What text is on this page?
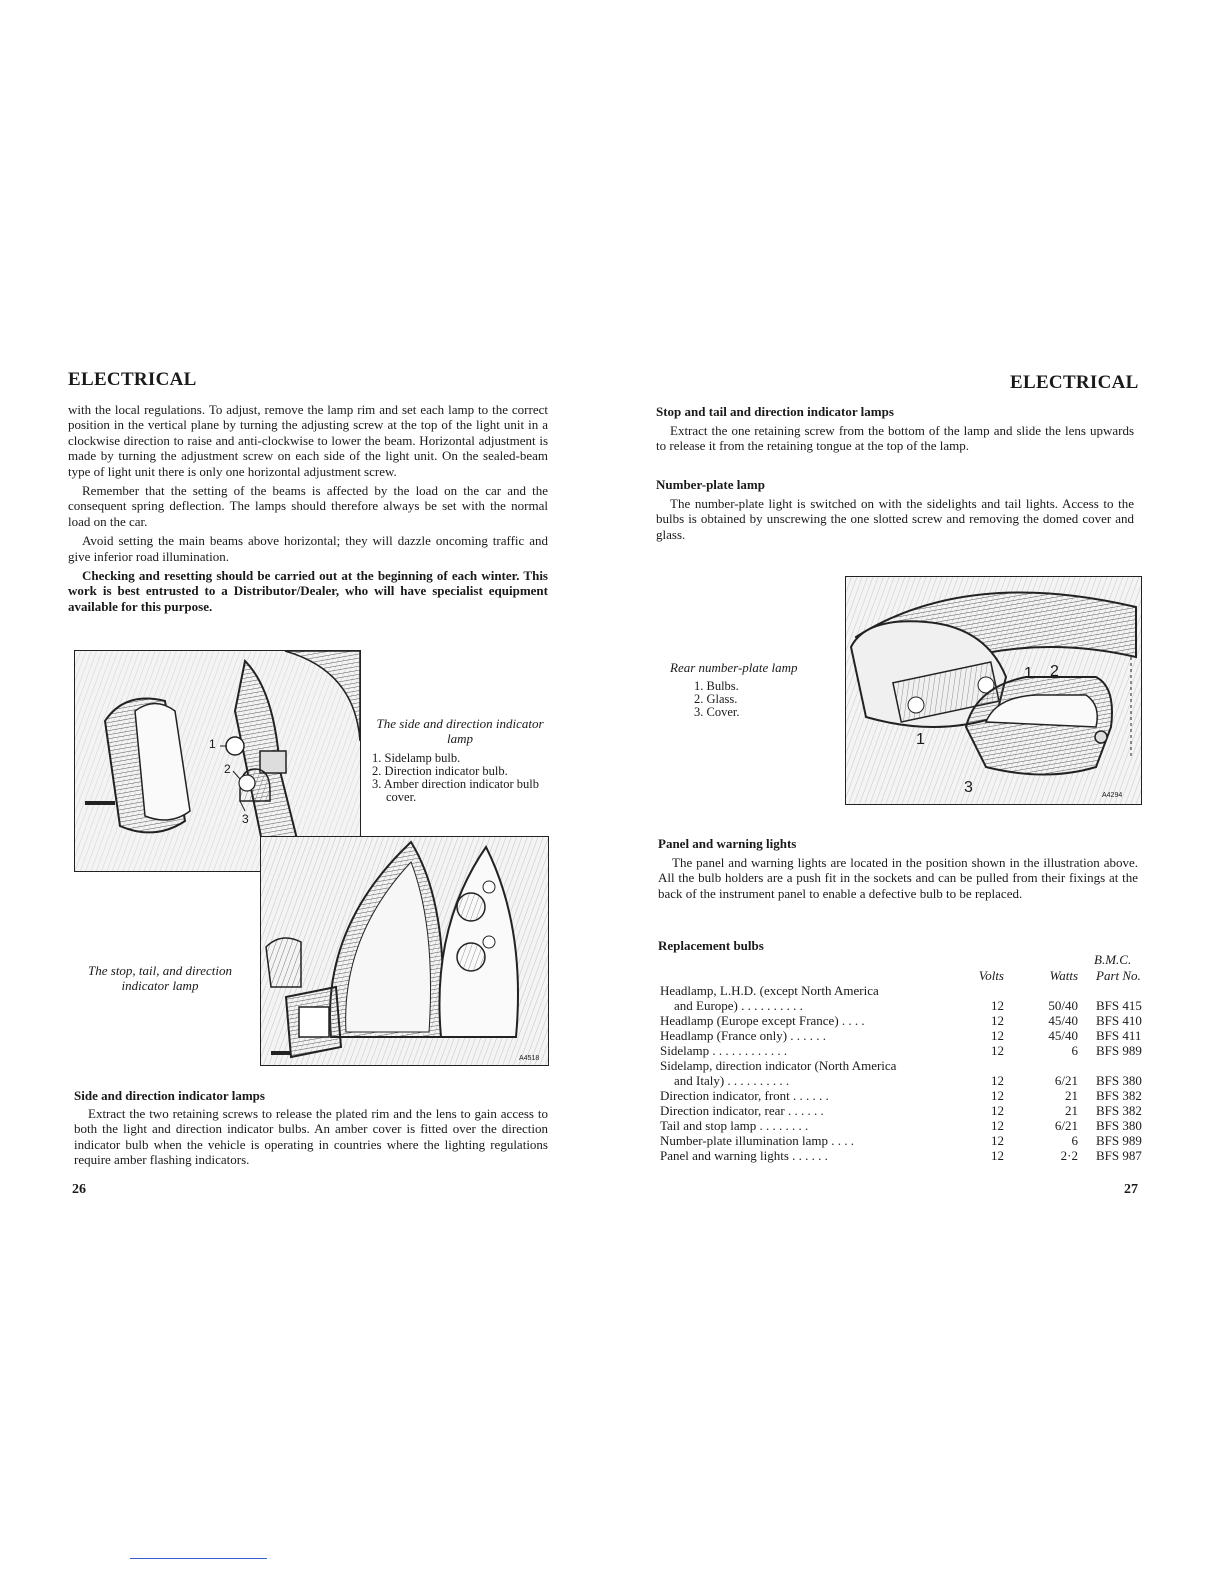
ELECTRICAL

with the local regulations. To adjust, remove the lamp rim and set each lamp to the correct position in the vertical plane by turning the adjusting screw at the top of the light unit in a clockwise direction to raise and anti-clockwise to lower the beam. Horizontal adjustment is made by turning the adjustment screw on each side of the light unit. On the sealed-beam type of light unit there is only one horizontal adjustment screw.

Remember that the setting of the beams is affected by the load on the car and the consequent spring deflection. The lamps should therefore always be set with the normal load on the car.

Avoid setting the main beams above horizontal; they will dazzle oncoming traffic and give inferior road illumination.

Checking and resetting should be carried out at the beginning of each winter. This work is best entrusted to a Distributor/Dealer, who will have specialist equipment available for this purpose.

1
2
3
The side and direction indicator lamp
1. Sidelamp bulb.
2. Direction indicator bulb.
3. Amber direction indicator bulb cover.
A4518
The stop, tail, and direction indicator lamp
Side and direction indicator lamps

Extract the two retaining screws to release the plated rim and the lens to gain access to both the light and direction indicator bulbs. An amber cover is fitted over the direction indicator bulb when the vehicle is operating in countries where the lighting regulations require amber flashing indicators.

26
ELECTRICAL
Stop and tail and direction indicator lamps

Extract the one retaining screw from the bottom of the lamp and slide the lens upwards to release it from the retaining tongue at the top of the lamp.

Number-plate lamp

The number-plate light is switched on with the sidelights and tail lights. Access to the bulbs is obtained by unscrewing the one slotted screw and removing the domed cover and glass.

Rear number-plate lamp
1. Bulbs.
2. Glass.
3. Cover.
1 2
1
3	A4294
Panel and warning lights

The panel and warning lights are located in the position shown in the illustration above. All the bulb holders are a push fit in the sockets and can be pulled from their fixings at the back of the instrument panel to enable a defective bulb to be replaced.

Replacement bulbs
B.M.C.
	Volts	Watts	Part No.
Headlamp, L.H.D. (except North America			
and Europe) . . . . . . . . . .	12	50/40	BFS 415
Headlamp (Europe except France) . . . .	12	45/40	BFS 410
Headlamp (France only) . . . . . .	12	45/40	BFS 411
Sidelamp . . . . . . . . . . . .	12	6	BFS 989
Sidelamp, direction indicator (North America			
and Italy) . . . . . . . . . .	12	6/21	BFS 380
Direction indicator, front . . . . . .	12	21	BFS 382
Direction indicator, rear . . . . . .	12	21	BFS 382
Tail and stop lamp . . . . . . . .	12	6/21	BFS 380
Number-plate illumination lamp . . . .	12	6	BFS 989
Panel and warning lights . . . . . .	12	2·2	BFS 987
27
